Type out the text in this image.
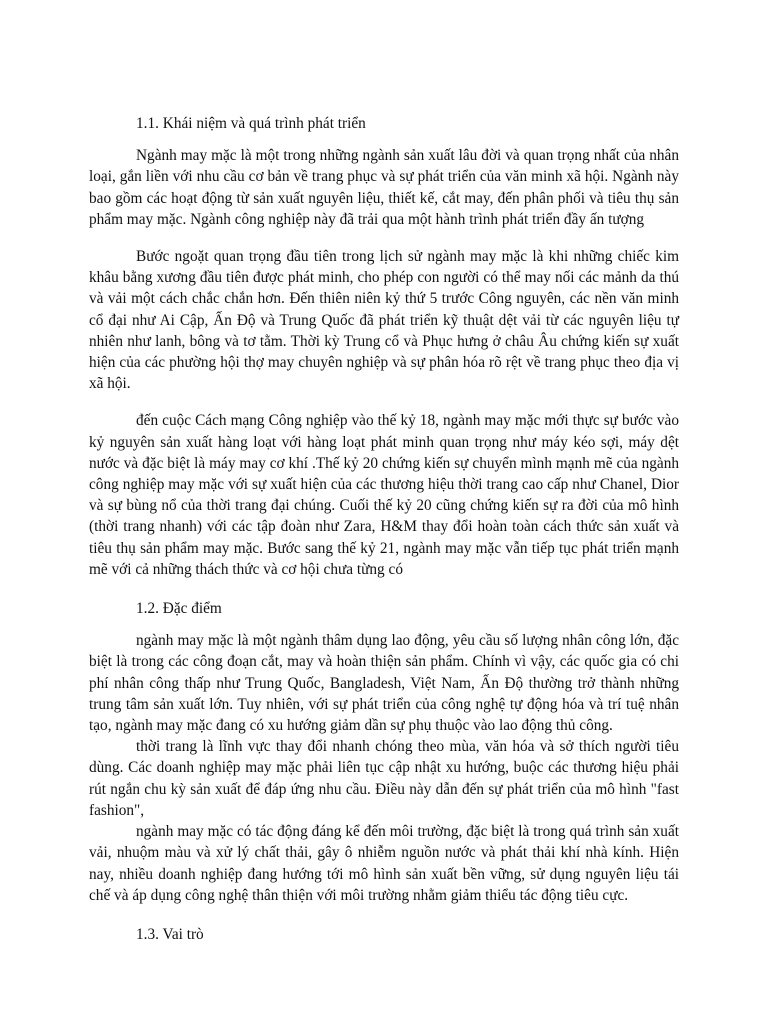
1.1. Khái niệm và quá trình phát triển

Ngành may mặc là một trong những ngành sản xuất lâu đời và quan trọng nhất của nhân loại, gắn liền với nhu cầu cơ bản về trang phục và sự phát triển của văn minh xã hội. Ngành này bao gồm các hoạt động từ sản xuất nguyên liệu, thiết kế, cắt may, đến phân phối và tiêu thụ sản phẩm may mặc. Ngành công nghiệp này đã trải qua một hành trình phát triển đầy ấn tượng

Bước ngoặt quan trọng đầu tiên trong lịch sử ngành may mặc là khi những chiếc kim khâu bằng xương đầu tiên được phát minh, cho phép con người có thể may nối các mảnh da thú và vải một cách chắc chắn hơn. Đến thiên niên kỷ thứ 5 trước Công nguyên, các nền văn minh cổ đại như Ai Cập, Ấn Độ và Trung Quốc đã phát triển kỹ thuật dệt vải từ các nguyên liệu tự nhiên như lanh, bông và tơ tằm. Thời kỳ Trung cổ và Phục hưng ở châu Âu chứng kiến sự xuất hiện của các phường hội thợ may chuyên nghiệp và sự phân hóa rõ rệt về trang phục theo địa vị xã hội.

đến cuộc Cách mạng Công nghiệp vào thế kỷ 18, ngành may mặc mới thực sự bước vào kỷ nguyên sản xuất hàng loạt với hàng loạt phát minh quan trọng như máy kéo sợi, máy dệt nước và đặc biệt là máy may cơ khí .Thế kỷ 20 chứng kiến sự chuyển mình mạnh mẽ của ngành công nghiệp may mặc với sự xuất hiện của các thương hiệu thời trang cao cấp như Chanel, Dior và sự bùng nổ của thời trang đại chúng. Cuối thế kỷ 20 cũng chứng kiến sự ra đời của mô hình (thời trang nhanh) với các tập đoàn như Zara, H&M thay đổi hoàn toàn cách thức sản xuất và tiêu thụ sản phẩm may mặc. Bước sang thế kỷ 21, ngành may mặc vẫn tiếp tục phát triển mạnh mẽ với cả những thách thức và cơ hội chưa từng có

1.2. Đặc điểm

ngành may mặc là một ngành thâm dụng lao động, yêu cầu số lượng nhân công lớn, đặc biệt là trong các công đoạn cắt, may và hoàn thiện sản phẩm. Chính vì vậy, các quốc gia có chi phí nhân công thấp như Trung Quốc, Bangladesh, Việt Nam, Ấn Độ thường trở thành những trung tâm sản xuất lớn. Tuy nhiên, với sự phát triển của công nghệ tự động hóa và trí tuệ nhân tạo, ngành may mặc đang có xu hướng giảm dần sự phụ thuộc vào lao động thủ công.

thời trang là lĩnh vực thay đổi nhanh chóng theo mùa, văn hóa và sở thích người tiêu dùng. Các doanh nghiệp may mặc phải liên tục cập nhật xu hướng, buộc các thương hiệu phải rút ngắn chu kỳ sản xuất để đáp ứng nhu cầu. Điều này dẫn đến sự phát triển của mô hình "fast fashion",

ngành may mặc có tác động đáng kể đến môi trường, đặc biệt là trong quá trình sản xuất vải, nhuộm màu và xử lý chất thải, gây ô nhiễm nguồn nước và phát thải khí nhà kính. Hiện nay, nhiều doanh nghiệp đang hướng tới mô hình sản xuất bền vững, sử dụng nguyên liệu tái chế và áp dụng công nghệ thân thiện với môi trường nhằm giảm thiểu tác động tiêu cực.

1.3. Vai trò
